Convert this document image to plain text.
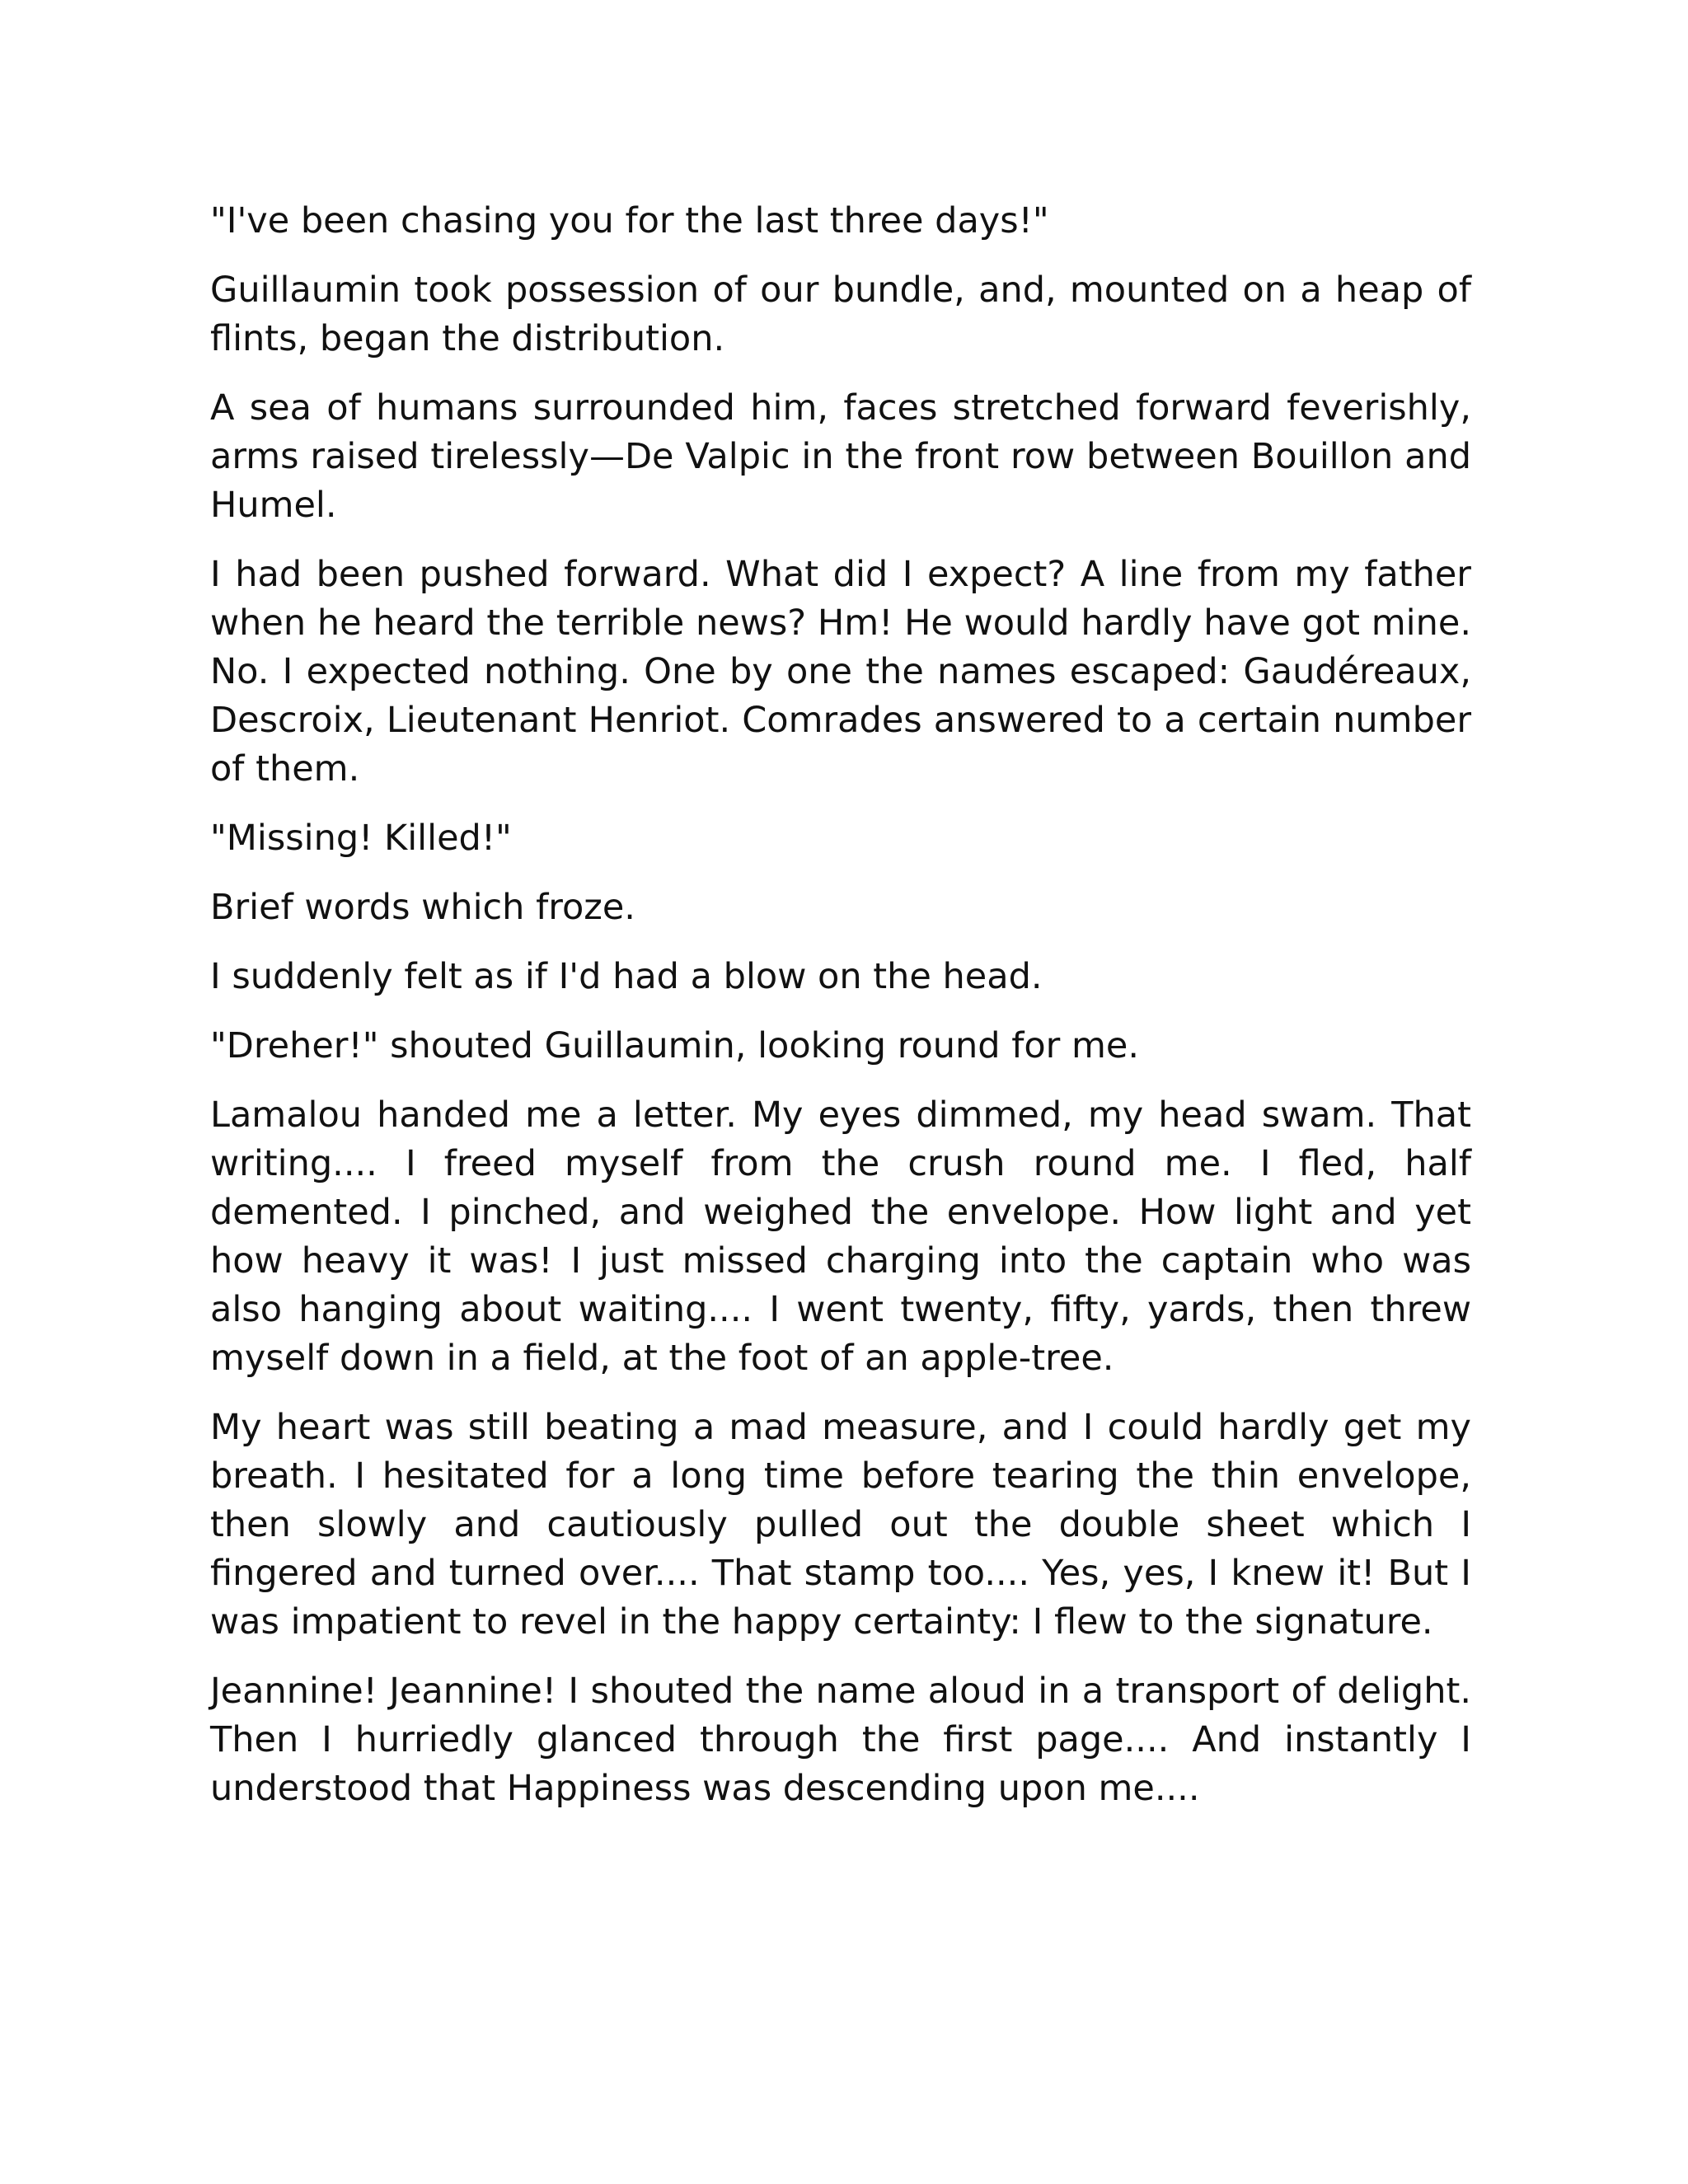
"I've been chasing you for the last three days!"

Guillaumin took possession of our bundle, and, mounted on a heap of flints, began the distribution.

A sea of humans surrounded him, faces stretched forward feverishly, arms raised tirelessly—De Valpic in the front row between Bouillon and Humel.

I had been pushed forward. What did I expect? A line from my father when he heard the terrible news? Hm! He would hardly have got mine. No. I expected nothing. One by one the names escaped: Gaudéreaux, Descroix, Lieutenant Henriot. Comrades answered to a certain number of them.

"Missing! Killed!"

Brief words which froze.

I suddenly felt as if I'd had a blow on the head.

"Dreher!" shouted Guillaumin, looking round for me.

Lamalou handed me a letter. My eyes dimmed, my head swam. That writing.... I freed myself from the crush round me. I fled, half demented. I pinched, and weighed the envelope. How light and yet how heavy it was! I just missed charging into the captain who was also hanging about waiting.... I went twenty, fifty, yards, then threw myself down in a field, at the foot of an apple-tree.

My heart was still beating a mad measure, and I could hardly get my breath. I hesitated for a long time before tearing the thin envelope, then slowly and cautiously pulled out the double sheet which I fingered and turned over.... That stamp too.... Yes, yes, I knew it! But I was impatient to revel in the happy certainty: I flew to the signature.

Jeannine! Jeannine! I shouted the name aloud in a transport of delight. Then I hurriedly glanced through the first page.... And instantly I understood that Happiness was descending upon me....
